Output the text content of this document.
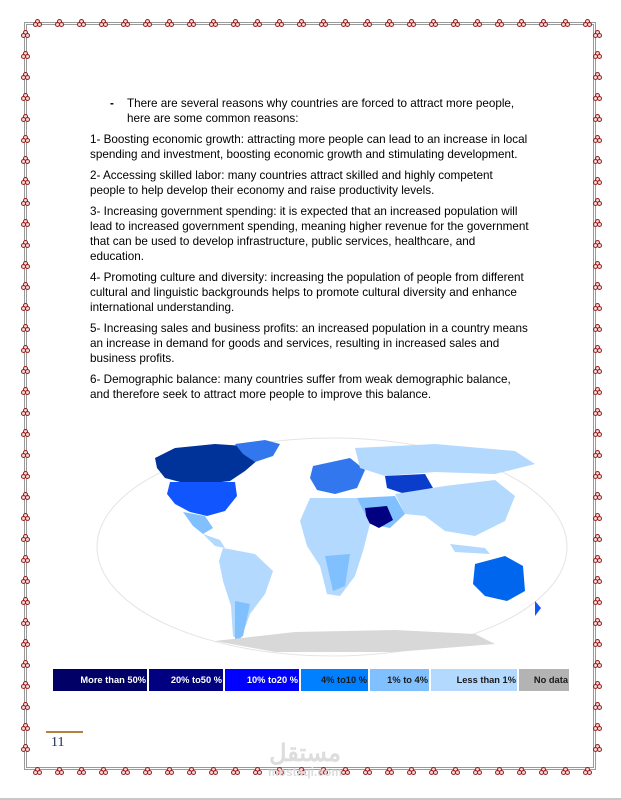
-	There are several reasons why countries are forced to attract more people, here are some common reasons:

1- Boosting economic growth: attracting more people can lead to an increase in local spending and investment, boosting economic growth and stimulating development.

2- Accessing skilled labor: many countries attract skilled and highly competent people to help develop their economy and raise productivity levels.

3- Increasing government spending: it is expected that an increased population will lead to increased government spending, meaning higher revenue for the government that can be used to develop infrastructure, public services, healthcare, and education.

4- Promoting culture and diversity: increasing the population of people from different cultural and linguistic backgrounds helps to promote cultural diversity and enhance international understanding.

5- Increasing sales and business profits: an increased population in a country means an increase in demand for goods and services, resulting in increased sales and business profits.

6- Demographic balance: many countries suffer from weak demographic balance, and therefore seek to attract more people to improve this balance.

More than 50%	20% to50 %	10% to20 % 4% to10 % 1% to 4%	Less than 1% No data
11	مستقل
mostaqi.com
